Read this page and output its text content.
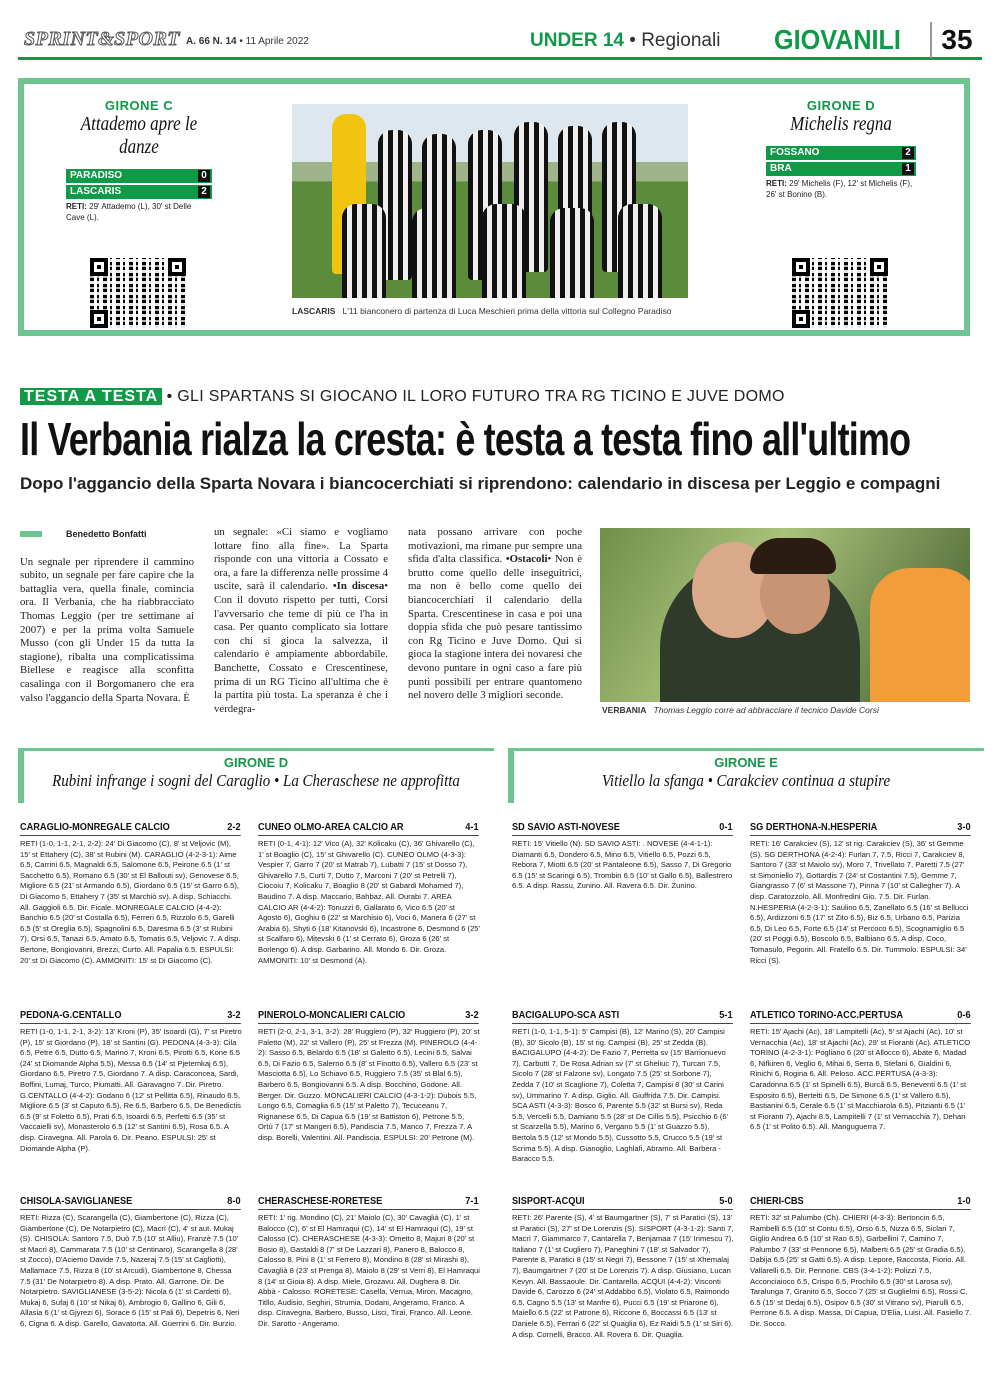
SPRINT&SPORT A. 66 N. 14 • 11 Aprile 2022	UNDER 14 • Regionali GIOVANILI	35
GIRONE C
Attademo apre le danze
PARADISO	0
LASCARIS	2
RETI: 29' Attademo (L), 30' st Delle Cave (L).
LASCARIS L'11 bianconero di partenza di Luca Meschieri prima della vittoria sul Collegno Paradiso
GIRONE D
Michelis regna
FOSSANO	2
BRA	1
RETI: 29' Michelis (F), 12' st Michelis (F), 26' st Bonino (B).
TESTA A TESTA • GLI SPARTANS SI GIOCANO IL LORO FUTURO TRA RG TICINO E JUVE DOMO
Il Verbania rialza la cresta: è testa a testa fino all'ultimo
Dopo l'aggancio della Sparta Novara i biancocerchiati si riprendono: calendario in discesa per Leggio e compagni
Benedetto Bonfatti
Un segnale per riprendere il cammino subito, un segnale per fare capire che la battaglia vera, quella finale, comincia ora. Il Verbania, che ha riabbracciato Thomas Leggio (per tre settimane ai 2007) e per la prima volta Samuele Musso (con gli Under 15 da tutta la stagione), ribalta una complicatissima Biellese e reagisce alla sconfitta casalinga con il Borgomanero che era valso l'aggancio della Sparta Novara. È
un segnale: «Ci siamo e vogliamo lottare fino alla fine». La Sparta risponde con una vittoria a Cossato e ora, a fare la differenza nelle prossime 4 uscite, sarà il calendario. •In discesa• Con il dovuto rispetto per tutti, Corsi l'avversario che teme di più ce l'ha in casa. Per quanto complicato sia lottare con chi si gioca la salvezza, il calendario è ampiamente abbordabile. Banchette, Cossato e Crescentinese, prima di un RG Ticino all'ultima che è la partita più tosta. La speranza è che i verdegra-
nata possano arrivare con poche motivazioni, ma rimane pur sempre una sfida d'alta classifica. •Ostacoli• Non è brutto come quello delle inseguitrici, ma non è bello come quello dei biancocerchiati il calendario della Sparta. Crescentinese in casa e poi una doppia sfida che può pesare tantissimo con Rg Ticino e Juve Domo. Qui si gioca la stagione intera dei novaresi che devono puntare in ogni caso a fare più punti possibili per entrare quantomeno nel novero delle 3 migliori seconde.
VERBANIA Thomas Leggio corre ad abbracciare il tecnico Davide Corsi
GIRONE D
Rubini infrange i sogni del Caraglio • La Cheraschese ne approfitta
GIRONE E
Vitiello la sfanga • Carakciev continua a stupire
2-2
CARAGLIO-MONREGALE CALCIO
RETI (1-0, 1-1, 2-1, 2-2): 24' Di Giacomo (C), 8' st Veljovic (M), 15' st Ettahery (C), 38' st Rubini (M). CARAGLIO (4-2-3-1): Aime 6.5, Carrini 6.5, Magnaldi 6.5, Salomone 6.5, Peirone 6.5 (1' st Sacchetto 6.5), Romano 6.5 (30' st El Ballouti sv), Genovese 6.5, Migliore 6.5 (21' st Armando 6.5), Giordano 6.5 (15' st Garro 6.5), Di Giacomo 5, Ettahery 7 (35' st Marchiò sv). A disp. Schiacchi. All. Gaggioli 6.5. Dir. Ficale. MONREGALE CALCIO (4-4-2): Banchio 6.5 (20' st Costalla 6.5), Ferreri 6.5, Rizzolo 6.5, Garelli 6.5 (5' st Oreglia 6.5), Spagnolini 6.5, Daresma 6.5 (3' st Rubini 7), Orsi 6.5, Tanazi 6.5, Amato 6.5, Tomatis 6.5, Veljovic 7. A disp. Bertone, Bongiovanni, Brezzi, Curto. All. Papalia 6.5. ESPULSI: 20' st Di Giacomo (C). AMMONITI: 15' st Di Giacomo (C).
4-1
CUNEO OLMO-AREA CALCIO AR
RETI (0-1, 4-1): 12' Vico (A), 32' Kolicaku (C), 36' Ghivarello (C), 1' st Boaglio (C), 15' st Ghivarello (C). CUNEO OLMO (4-3-3): Vespier 7, Garro 7 (20' st Matrab 7), Lubatti 7 (15' st Dosso 7), Ghivarello 7.5, Curti 7, Dutto 7, Marconi 7 (20' st Petrelli 7), Ciocoiu 7, Kolicaku 7, Boaglio 8 (20' st Gabardi Mohamed 7), Baudino 7. A disp. Maccario, Bahbaz. All. Ourabi 7. AREA CALCIO AR (4-4-2): Tonuzzi 6, Gallarato 6, Vico 6.5 (20' st Agosto 6), Goghiu 6 (22' st Marchisio 6), Voci 6, Manera 6 (27' st Arabia 6), Shyti 6 (18' Kitanovski 6), Incastrone 6, Desmond 6 (25' st Scalfaro 6), Mitevski 6 (1' st Cerrato 6), Groza 6 (26' st Borlengo 6). A disp. Garbarino. All. Mondo 6. Dir. Groza. AMMONITI: 10' st Desmond (A).
0-1
SD SAVIO ASTI-NOVESE
RETI: 15' Vitiello (N). SD SAVIO ASTI: . NOVESE (4-4-1-1): Diamanti 6.5, Dondero 6.5, Mino 6.5, Vitiello 6.5, Pozzi 6.5, Rebora 7, Miotti 6.5 (20' st Pantaleone 6.5), Sasso 7, Di Gregorio 6.5 (15' st Scaringi 6.5), Trombin 6.5 (10' st Gallo 6.5), Ballestrero 6.5. A disp. Rassu, Zunino. All. Ravera 6.5. Dir. Zunino.
3-0
SG DERTHONA-N.HESPERIA
RETI: 16' Carakciev (S), 12' st rig. Carakciev (S), 36' st Gemme (S). SG DERTHONA (4-2-4): Furlan 7, 7.5, Ricci 7, Carakciev 8, Santoro 7 (33' st Maiolo sv), Moro 7, Trivellato 7, Paretti 7.5 (27' st Simoniello 7), Gottardis 7 (24' st Costantini 7.5), Gemme 7, Giangrasso 7 (6' st Massone 7), Pinna 7 (10' st Callegher 7). A disp. Caratozzolo. All. Monfredini Gio. 7.5. Dir. Furlan. N.HESPERIA (4-2-3-1): Saulino 6.5, Zanellato 6.5 (16' st Bellucci 6.5), Ardizzoni 6.5 (17' st Zito 6.5), Biz 6.5, Urbano 6.5, Parizia 6.5, Di Leo 6.5, Forte 6.5 (14' st Percoco 6.5), Scognamiglio 6.5 (20' st Poggi 6.5), Boscolo 6.5, Balbiano 6.5. A disp. Coco, Tomasulo, Pegorin. All. Fratello 6.5. Dir. Tummolo. ESPULSI: 34' Ricci (S).
3-2
PEDONA-G.CENTALLO
RETI (1-0, 1-1, 2-1, 3-2): 13' Kroni (P), 35' Isoardi (G), 7' st Piretro (P), 15' st Giordano (P), 18' st Santini (G). PEDONA (4-3-3): Cila 6.5, Petre 6.5, Dutto 6.5, Marino 7, Kroni 6.5, Pirotti 6.5, Kone 6.5 (24' st Diomande Alpha 5.5), Messa 6.5 (14' st Pjetemkaj 6.5), Giordano 6.5, Piretro 7.5, Giordano 7. A disp. Caraconcea, Sardi, Boffini, Lumaj, Turco, Piumatti. All. Garavagno 7. Dir. Piretro. G.CENTALLO (4-4-2): Godano 6 (12' st Pellitta 6.5), Rinaudo 6.5, Migliore 6.5 (3' st Caputo 6.5), Re 6.5, Barbero 6.5, De Benedictis 6.5 (9' st Foletto 6.5), Prati 6.5, Isoardi 6.5, Perfetti 6.5 (35' st Vaccaielli sv), Monasterolo 6.5 (12' st Santini 6.5), Rosa 6.5. A disp. Ciravegna. All. Parola 6. Dir. Peano. ESPULSI: 25' st Diomande Alpha (P).
3-2
PINEROLO-MONCALIERI CALCIO
RETI (2-0, 2-1, 3-1, 3-2): 28' Ruggiero (P), 32' Ruggiero (P), 20' st Paletto (M), 22' st Vallero (P), 25' st Frezza (M). PINEROLO (4-4-2): Sasso 6.5, Belardo 6.5 (18' st Galetto 6.5), Lecini 6.5, Salvai 6.5, Di Fazio 6.5, Salerno 6.5 (8' st Finotto 6.5), Vallero 6.5 (23' st Masciotta 6.5), Lo Schiavo 6.5, Ruggiero 7.5 (35' st Blal 6.5), Barbero 6.5, Bongiovanni 6.5. A disp. Bocchino, Godone. All. Berger. Dir. Guzzo. MONCALIERI CALCIO (4-3-1-2): Dubois 5.5, Longo 6.5, Comaglia 6.5 (15' st Paletto 7), Tecuceanu 7, Rignanese 6.5, Di Capua 6.5 (19' st Battiston 6), Petrone 5.5, Ortù 7 (17' st Mangeri 6.5), Pandiscia 7.5, Manco 7, Frezza 7. A disp. Borelli, Valentini. All. Pandiscia. ESPULSI: 20' Petrone (M).
5-1
BACIGALUPO-SCA ASTI
RETI (1-0, 1-1, 5-1): 5' Campisi (B), 12' Marino (S), 20' Campisi (B), 30' Sicolo (B), 15' st rig. Campisi (B), 25' st Zedda (B). BACIGALUPO (4-4-2): De Fazio 7, Perretta sv (15' Barrionuevo 7), Carbutti 7, De Rosa Adrian sv (7' st Gheliuc 7), Turcan 7.5, Sicolo 7 (28' st Falzone sv), Longato 7.5 (25' st Sorbone 7), Zedda 7 (10' st Scaglione 7), Coletta 7, Campisi 8 (30' st Carini sv), Ummarino 7. A disp. Giglio. All. Giuffrida 7.5. Dir. Campisi. SCA ASTI (4-3-3): Bosco 6, Parente 5.5 (32' st Bursi sv), Reda 5.5, Vercelli 5.5, Damiano 5.5 (28' st De Cillis 5.5), Psicchio 6 (6' st Scarzella 5.5), Marino 6, Vergano 5.5 (1' st Guazzo 5.5), Bertola 5.5 (12' st Mondo 5.5), Cussotto 5.5, Crucco 5.5 (19' st Scrima 5.5). A disp. Gianoglio, Laghlafi, Abramo. All. Barbera - Baracco 5.5.
0-6
ATLETICO TORINO-ACC.PERTUSA
RETI: 15' Ajachi (Ac), 18' Lampitelli (Ac), 5' st Ajachi (Ac), 10' st Vernacchia (Ac), 18' st Ajachi (Ac), 29' st Fioranti (Ac). ATLETICO TORINO (4-2-3-1): Pogliano 6 (20' st Allocco 6), Abate 6, Madad 6, Nifkiren 6, Veglio 6, Mihai 6, Serra 6, Stefani 6, Gialdini 6, Rinichi 6, Rogina 6. All. Peloso. ACC.PERTUSA (4-3-3): Caradonna 6.5 (1' st Spinelli 6.5), Burcă 6.5, Beneventi 6.5 (1' st Esposito 6.5), Bertetti 6.5, De Simone 6.5 (1' st Vallero 6.5), Bastianini 6.5, Cerale 6.5 (1' st Macchiarola 6.5), Pitzianti 6.5 (1' st Fioranti 7), Ajachi 8.5, Lampitelli 7 (1' st Vernacchia 7), Dehari 6.5 (1' st Polito 6.5). All. Manguguerra 7.
8-0
CHISOLA-SAVIGLIANESE
RETI: Rizza (C), Scarangella (C), Giambertone (C), Rizza (C), Giambertone (C), De Notarpietro (C), Macrì (C), 4' st aut. Mukaj (S). CHISOLA: Santoro 7.5, Duò 7.5 (10' st Alliu), Franzè 7.5 (10' st Macrì 8), Cammarata 7.5 (10' st Centinaro), Scarangella 8 (28' st Zocco), D'Aciemo Davide 7.5, Nazeraj 7.5 (15' st Cagliotti), Mallamace 7.5, Rizza 8 (10' st Arcudi), Giambertone 8, Chessa 7.5 (31' De Notarpietro 8). A disp. Prato. All. Garrone. Dir. De Notarpietro. SAVIGLIANESE (3-5-2): Nicola 6 (1' st Cardetti 6), Mukaj 6, Sufaj 6 (10' st Nikaj 6), Ambrogio 6, Gallino 6, Gili 6, Allasia 6 (1' st Gjyrezi 6), Sorace 6 (15' st Pali 6), Depetris 6, Neri 6, Cigna 6. A disp. Garello, Gavatorta. All. Guerrini 6. Dir. Burzio.
7-1
CHERASCHESE-RORETESE
RETI: 1' rig. Mondino (C), 21' Maiolo (C), 30' Cavaglià (C), 1' st Balocco (C), 6' st El Hamraqui (C), 14' st El Hamraqui (C), 19' st Calosso (C). CHERASCHESE (4-3-3): Ometto 8, Majuri 8 (20' st Bosio 8), Gastaldi 8 (7' st De Lazzari 8), Panero 8, Balocco 8, Calosso 8, Pini 8 (1' st Ferrero 8), Mondino 8 (28' st Mirashi 8), Cavaglià 8 (23' st Prenga 8), Maiolo 8 (29' st Verri 8), El Hamraqui 8 (14' st Gioia 8). A disp. Miele, Grozavu. All. Dughera 8. Dir. Abbà - Calosso. RORETESE: Casella, Verrua, Miron, Macagno, Titllo, Audisio, Seghiri, Strumia, Dodani, Angeramo, Franco. A disp. Ciravegna, Barbero, Busso, Lisci, Tirai, Franco. All. Leone. Dir. Sarotto - Angeramo.
5-0
SISPORT-ACQUI
RETI: 26' Parente (S), 4' st Baumgartner (S), 7' st Paratici (S), 13' st Paratici (S), 27' st De Lorenzis (S). SISPORT (4-3-1-2): Santi 7, Macrì 7, Giammarco 7, Cantarella 7, Benjamaa 7 (15' Irimescu 7), Italiano 7 (1' st Cugliero 7), Paneghini 7 (18' st Salvador 7), Parente 8, Paratici 8 (15' st Negri 7), Bessone 7 (15' st Xhemalaj 7), Baumgartner 7 (20' st De Lorenzis 7). A disp. Giusiano, Lucan Kevyn. All. Bassaoule. Dir. Cantarella. ACQUI (4-4-2): Visconti Davide 6, Carozzo 6 (24' st Addabbo 6.5), Violato 6.5, Raimondo 6.5, Cagno 5.5 (13' st Manfre 6), Pucci 6.5 (19' st Priarone 6), Maiello 6.5 (22' st Patrone 6), Riccone 6, Boccassi 6.5 (13' st Daniele 6.5), Ferrari 6 (22' st Quaglia 6), Ez Raidi 5.5 (1' st Siri 6). A disp. Cornelli, Bracco. All. Rovera 6. Dir. Quaglia.
1-0
CHIERI-CBS
RETI: 32' st Palumbo (Ch). CHIERI (4-3-3): Bertoncin 6.5, Rambelli 6.5 (10' st Contu 6.5), Orso 6.5, Nizza 6.5, Siclari 7, Giglio Andrea 6.5 (10' st Rao 6.5), Garbellini 7, Camino 7, Palumbo 7 (33' st Pennone 6.5), Malberti 6.5 (25' st Gradia 6.5), Dabija 6.5 (25' st Gatti 6.5). A disp. Lepore, Raccosta, Fiorio. All. Vallarelli 6.5. Dir. Pennone. CBS (3-4-1-2): Polizzi 7.5, Acconciaioco 6.5, Crispo 6.5, Prochilo 6.5 (30' st Larosa sv), Taralunga 7, Granito 6.5, Socco 7 (25' st Guglielmi 6.5), Rossi C. 6.5 (15' st Dedaj 6.5), Osipov 6.5 (30' st Vitrano sv), Piarulli 6.5, Perrone 6.5. A disp. Massa, Di Capua, D'Elia, Luisi. All. Fasiello 7. Dir. Socco.
